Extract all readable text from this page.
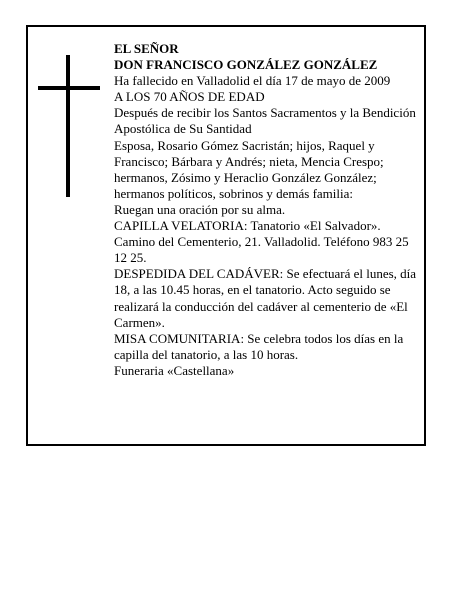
EL SEÑOR

DON FRANCISCO GONZÁLEZ GONZÁLEZ

Ha fallecido en Valladolid el día 17 de mayo de 2009

A LOS 70 AÑOS DE EDAD

Después de recibir los Santos Sacramentos y la Bendición Apostólica de Su Santidad

Esposa, Rosario Gómez Sacristán; hijos, Raquel y Francisco; Bárbara y Andrés; nieta, Mencia Crespo; hermanos, Zósimo y Heraclio González González; hermanos políticos, sobrinos y demás familia:

Ruegan una oración por su alma.

CAPILLA VELATORIA: Tanatorio «El Salvador». Camino del Cementerio, 21. Valladolid. Teléfono 983 25 12 25.

DESPEDIDA DEL CADÁVER: Se efectuará el lunes, día 18, a las 10.45 horas, en el tanatorio. Acto seguido se realizará la conducción del cadáver al cementerio de «El Carmen».

MISA COMUNITARIA: Se celebra todos los días en la capilla del tanatorio, a las 10 horas.

Funeraria «Castellana»
